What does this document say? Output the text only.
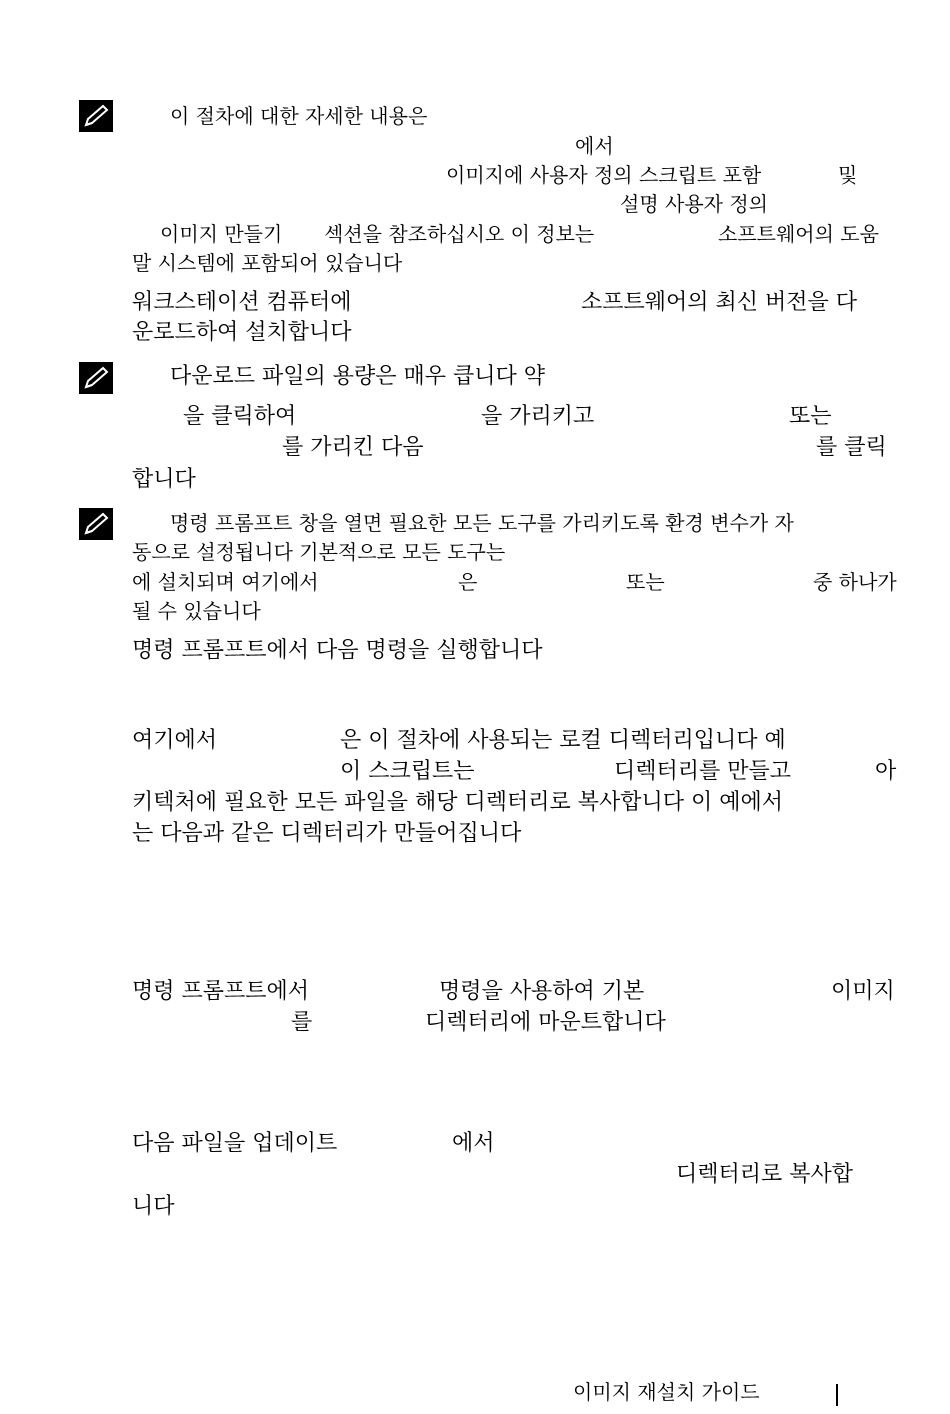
이 절차에 대한 자세한 내용은
에서
이미지에 사용자 정의 스크립트 포함	및
설명 사용자 정의
이미지 만들기 섹션을 참조하십시오 이 정보는	소프트웨어의 도움
말 시스템에 포함되어 있습니다
워크스테이션 컴퓨터에	소프트웨어의 최신 버전을 다
운로드하여 설치합니다
다운로드 파일의 용량은 매우 큽니다 약
을 클릭하여	을 가리키고	또는
를 가리킨 다음	를 클릭
합니다
명령 프롬프트 창을 열면 필요한 모든 도구를 가리키도록 환경 변수가 자
동으로 설정됩니다 기본적으로 모든 도구는
에 설치되며 여기에서	은	또는	중 하나가
될 수 있습니다
명령 프롬프트에서 다음 명령을 실행합니다
여기에서	은 이 절차에 사용되는 로컬 디렉터리입니다 예
이 스크립트는	디렉터리를 만들고	아
키텍처에 필요한 모든 파일을 해당 디렉터리로 복사합니다 이 예에서
는 다음과 같은 디렉터리가 만들어집니다
명령 프롬프트에서	명령을 사용하여 기본	이미지
를	디렉터리에 마운트합니다
다음 파일을 업데이트	에서
디렉터리로 복사합
니다
이미지 재설치 가이드
